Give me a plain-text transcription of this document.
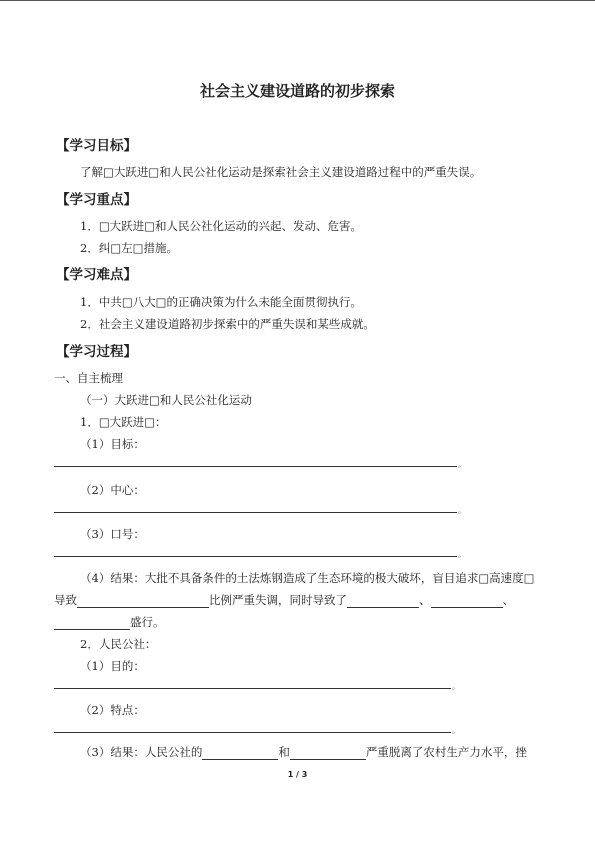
社会主义建设道路的初步探索
【学习目标】
了解□大跃进□和人民公社化运动是探索社会主义建设道路过程中的严重失误。
【学习重点】
1．□大跃进□和人民公社化运动的兴起、发动、危害。
2．纠□左□措施。
【学习难点】
1．中共□八大□的正确决策为什么未能全面贯彻执行。
2．社会主义建设道路初步探索中的严重失误和某些成就。
【学习过程】
一、自主梳理
（一）大跃进□和人民公社化运动
1．□大跃进□：
（1）目标：
。
（2）中心：
。
（3）口号：
。
（4）结果：大批不具备条件的土法炼钢造成了生态环境的极大破坏，盲目追求□高速度□
导致	比例严重失调，同时导致了	、	、
盛行。
2．人民公社：
（1）目的：
。
（2）特点：
。
（3）结果：人民公社的	和	严重脱离了农村生产力水平，挫
1 / 3
